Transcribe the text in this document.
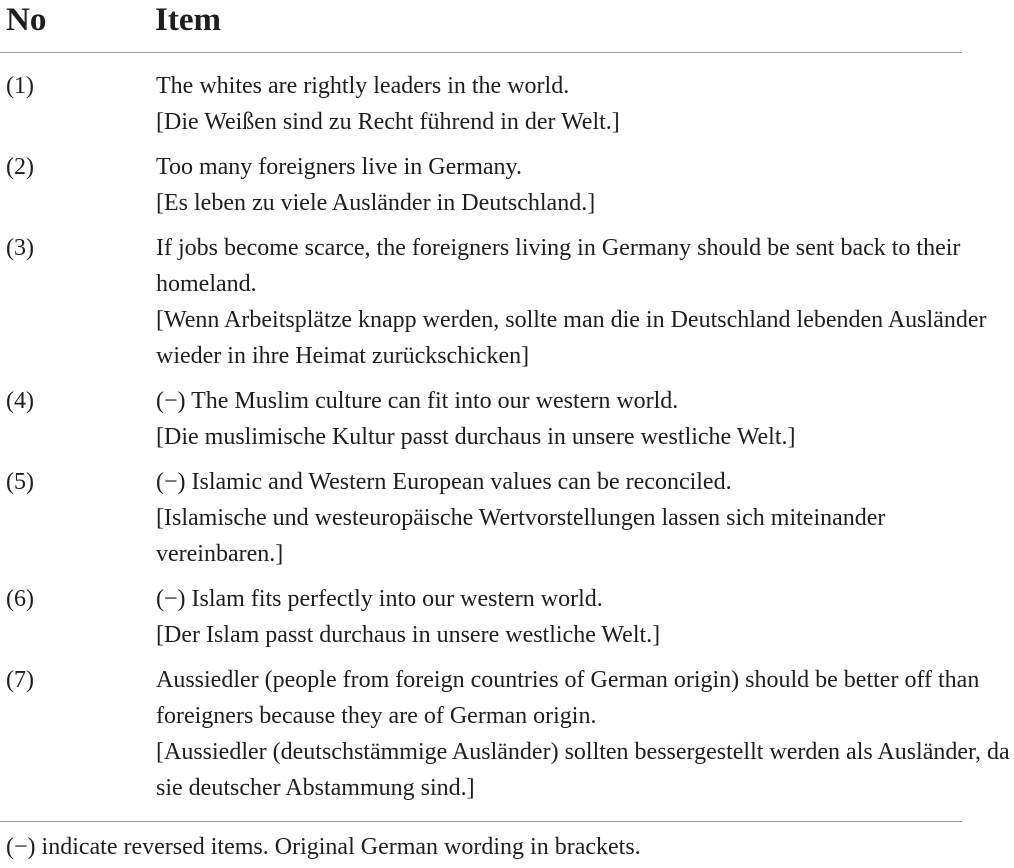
No	Item
(1)	The whites are rightly leaders in the world.
[Die Weißen sind zu Recht führend in der Welt.]
(2)	Too many foreigners live in Germany.
[Es leben zu viele Ausländer in Deutschland.]
(3)	If jobs become scarce, the foreigners living in Germany should be sent back to their homeland.
[Wenn Arbeitsplätze knapp werden, sollte man die in Deutschland lebenden Ausländer wieder in ihre Heimat zurückschicken]
(4)	(−) The Muslim culture can fit into our western world.
[Die muslimische Kultur passt durchaus in unsere westliche Welt.]
(5)	(−) Islamic and Western European values can be reconciled.
[Islamische und westeuropäische Wertvorstellungen lassen sich miteinander vereinbaren.]
(6)	(−) Islam fits perfectly into our western world.
[Der Islam passt durchaus in unsere westliche Welt.]
(7)	Aussiedler (people from foreign countries of German origin) should be better off than foreigners because they are of German origin.
[Aussiedler (deutschstämmige Ausländer) sollten bessergestellt werden als Ausländer, da sie deutscher Abstammung sind.]
(−) indicate reversed items. Original German wording in brackets.
